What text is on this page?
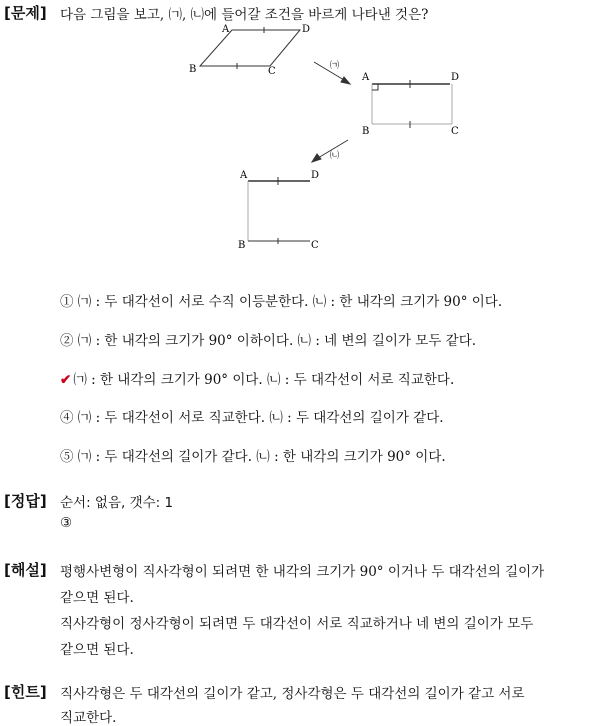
[문제] 다음 그림을 보고, ㈀, ㈁에 들어갈 조건을 바르게 나타낸 것은?
A	D
B	C	㈀
A	D
B	C
㈁
A	D
B	C
① ㈀ : 두 대각선이 서로 수직 이등분한다. ㈁ : 한 내각의 크기가 90° 이다.
② ㈀ : 한 내각의 크기가 90° 이하이다. ㈁ : 네 변의 길이가 모두 같다.
✔ ㈀ : 한 내각의 크기가 90° 이다. ㈁ : 두 대각선이 서로 직교한다.
④ ㈀ : 두 대각선이 서로 직교한다. ㈁ : 두 대각선의 길이가 같다.
⑤ ㈀ : 두 대각선의 길이가 같다. ㈁ : 한 내각의 크기가 90° 이다.
[정답] 순서: 없음, 갯수: 1
③
[해설] 평행사변형이 직사각형이 되려면 한 내각의 크기가 90° 이거나 두 대각선의 길이가
같으면 된다.
직사각형이 정사각형이 되려면 두 대각선이 서로 직교하거나 네 변의 길이가 모두
같으면 된다.
[힌트] 직사각형은 두 대각선의 길이가 같고, 정사각형은 두 대각선의 길이가 같고 서로
직교한다.
